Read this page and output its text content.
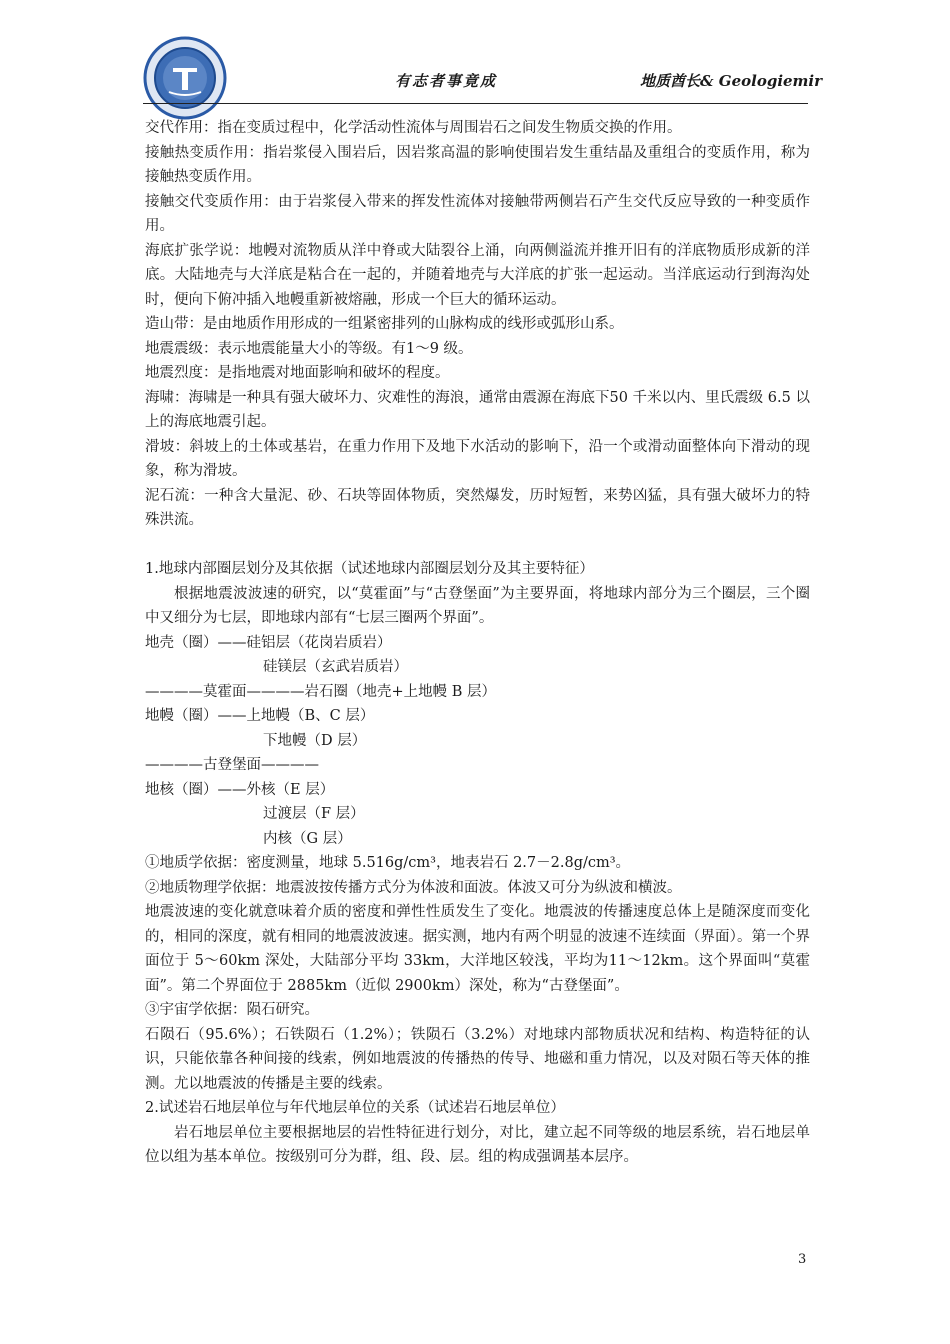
有志者事竟成	地质酋长& Geologiemir

交代作用：指在变质过程中，化学活动性流体与周围岩石之间发生物质交换的作用。

接触热变质作用：指岩浆侵入围岩后，因岩浆高温的影响使围岩发生重结晶及重组合的变质作用，称为接触热变质作用。

接触交代变质作用：由于岩浆侵入带来的挥发性流体对接触带两侧岩石产生交代反应导致的一种变质作用。

海底扩张学说：地幔对流物质从洋中脊或大陆裂谷上涌，向两侧溢流并推开旧有的洋底物质形成新的洋底。大陆地壳与大洋底是粘合在一起的，并随着地壳与大洋底的扩张一起运动。当洋底运动行到海沟处时，便向下俯冲插入地幔重新被熔融，形成一个巨大的循环运动。

造山带：是由地质作用形成的一组紧密排列的山脉构成的线形或弧形山系。

地震震级：表示地震能量大小的等级。有1～9 级。

地震烈度：是指地震对地面影响和破坏的程度。

海啸：海啸是一种具有强大破坏力、灾难性的海浪，通常由震源在海底下50 千米以内、里氏震级 6.5 以上的海底地震引起。

滑坡：斜坡上的土体或基岩，在重力作用下及地下水活动的影响下，沿一个或滑动面整体向下滑动的现象，称为滑坡。

泥石流：一种含大量泥、砂、石块等固体物质，突然爆发，历时短暂，来势凶猛，具有强大破坏力的特殊洪流。

1.地球内部圈层划分及其依据（试述地球内部圈层划分及其主要特征）

根据地震波波速的研究，以“莫霍面”与“古登堡面”为主要界面，将地球内部分为三个圈层，三个圈中又细分为七层，即地球内部有“七层三圈两个界面”。

地壳（圈）——硅铝层（花岗岩质岩）

硅镁层（玄武岩质岩）

————莫霍面————岩石圈（地壳+上地幔 B 层）

地幔（圈）——上地幔（B、C 层）

下地幔（D 层）

————古登堡面————

地核（圈）——外核（E 层）

过渡层（F 层）

内核（G 层）

①地质学依据：密度测量，地球 5.516g/cm³，地表岩石 2.7－2.8g/cm³。

②地质物理学依据：地震波按传播方式分为体波和面波。体波又可分为纵波和横波。

地震波速的变化就意味着介质的密度和弹性性质发生了变化。地震波的传播速度总体上是随深度而变化的，相同的深度，就有相同的地震波波速。据实测，地内有两个明显的波速不连续面（界面）。第一个界面位于 5～60km 深处，大陆部分平均 33km，大洋地区较浅，平均为11～12km。这个界面叫“莫霍面”。第二个界面位于 2885km（近似 2900km）深处，称为“古登堡面”。

③宇宙学依据：陨石研究。

石陨石（95.6%）；石铁陨石（1.2%）；铁陨石（3.2%）对地球内部物质状况和结构、构造特征的认识，只能依靠各种间接的线索，例如地震波的传播热的传导、地磁和重力情况，以及对陨石等天体的推测。尤以地震波的传播是主要的线索。

2.试述岩石地层单位与年代地层单位的关系（试述岩石地层单位）

岩石地层单位主要根据地层的岩性特征进行划分，对比，建立起不同等级的地层系统，岩石地层单位以组为基本单位。按级别可分为群，组、段、层。组的构成强调基本层序。

3
